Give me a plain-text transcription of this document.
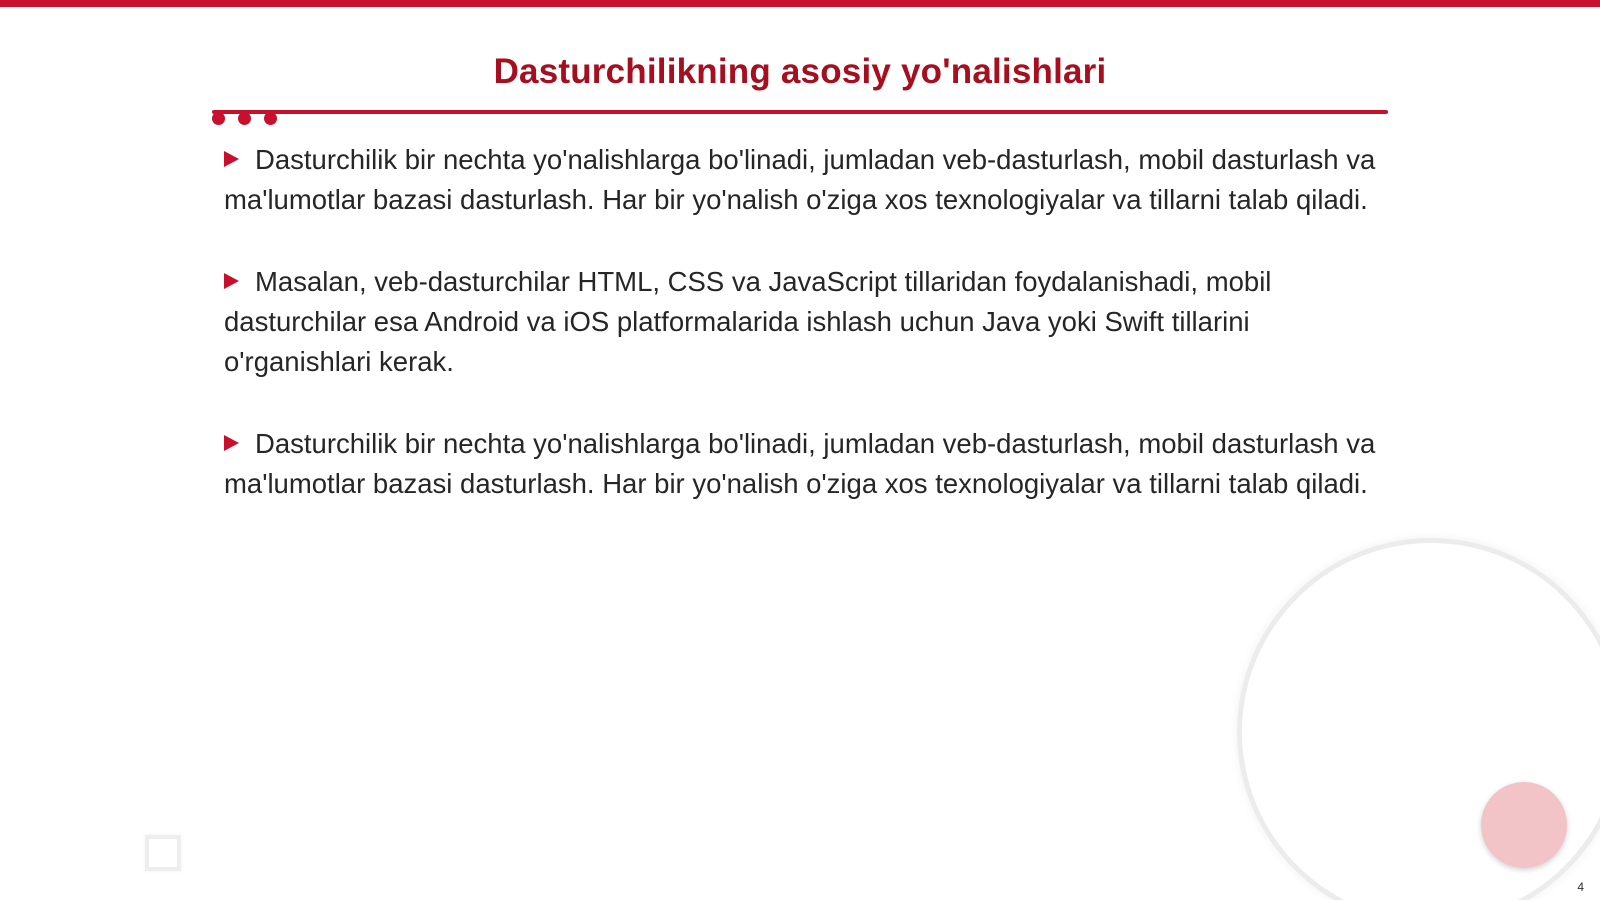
Dasturchilikning asosiy yo'nalishlari
Dasturchilik bir nechta yo'nalishlarga bo'linadi, jumladan veb-dasturlash, mobil dasturlash va ma'lumotlar bazasi dasturlash. Har bir yo'nalish o'ziga xos texnologiyalar va tillarni talab qiladi.
Masalan, veb-dasturchilar HTML, CSS va JavaScript tillaridan foydalanishadi, mobil dasturchilar esa Android va iOS platformalarida ishlash uchun Java yoki Swift tillarini o'rganishlari kerak.
Dasturchilik bir nechta yo'nalishlarga bo'linadi, jumladan veb-dasturlash, mobil dasturlash va ma'lumotlar bazasi dasturlash. Har bir yo'nalish o'ziga xos texnologiyalar va tillarni talab qiladi.
4
